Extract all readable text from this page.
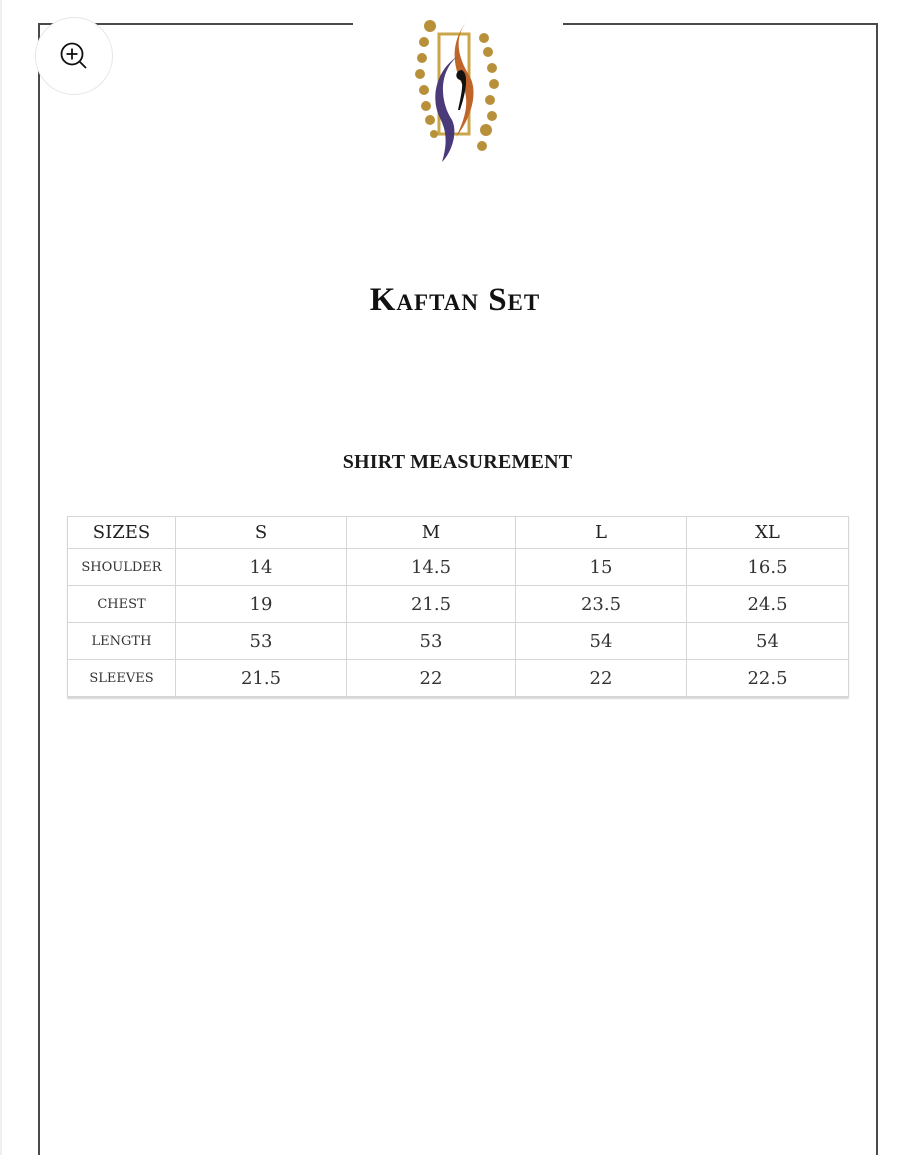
Kaftan Set
SHIRT MEASUREMENT
SIZES	S	M	L	XL
SHOULDER	14	14.5	15	16.5
CHEST	19	21.5	23.5	24.5
LENGTH	53	53	54	54
SLEEVES	21.5	22	22	22.5
